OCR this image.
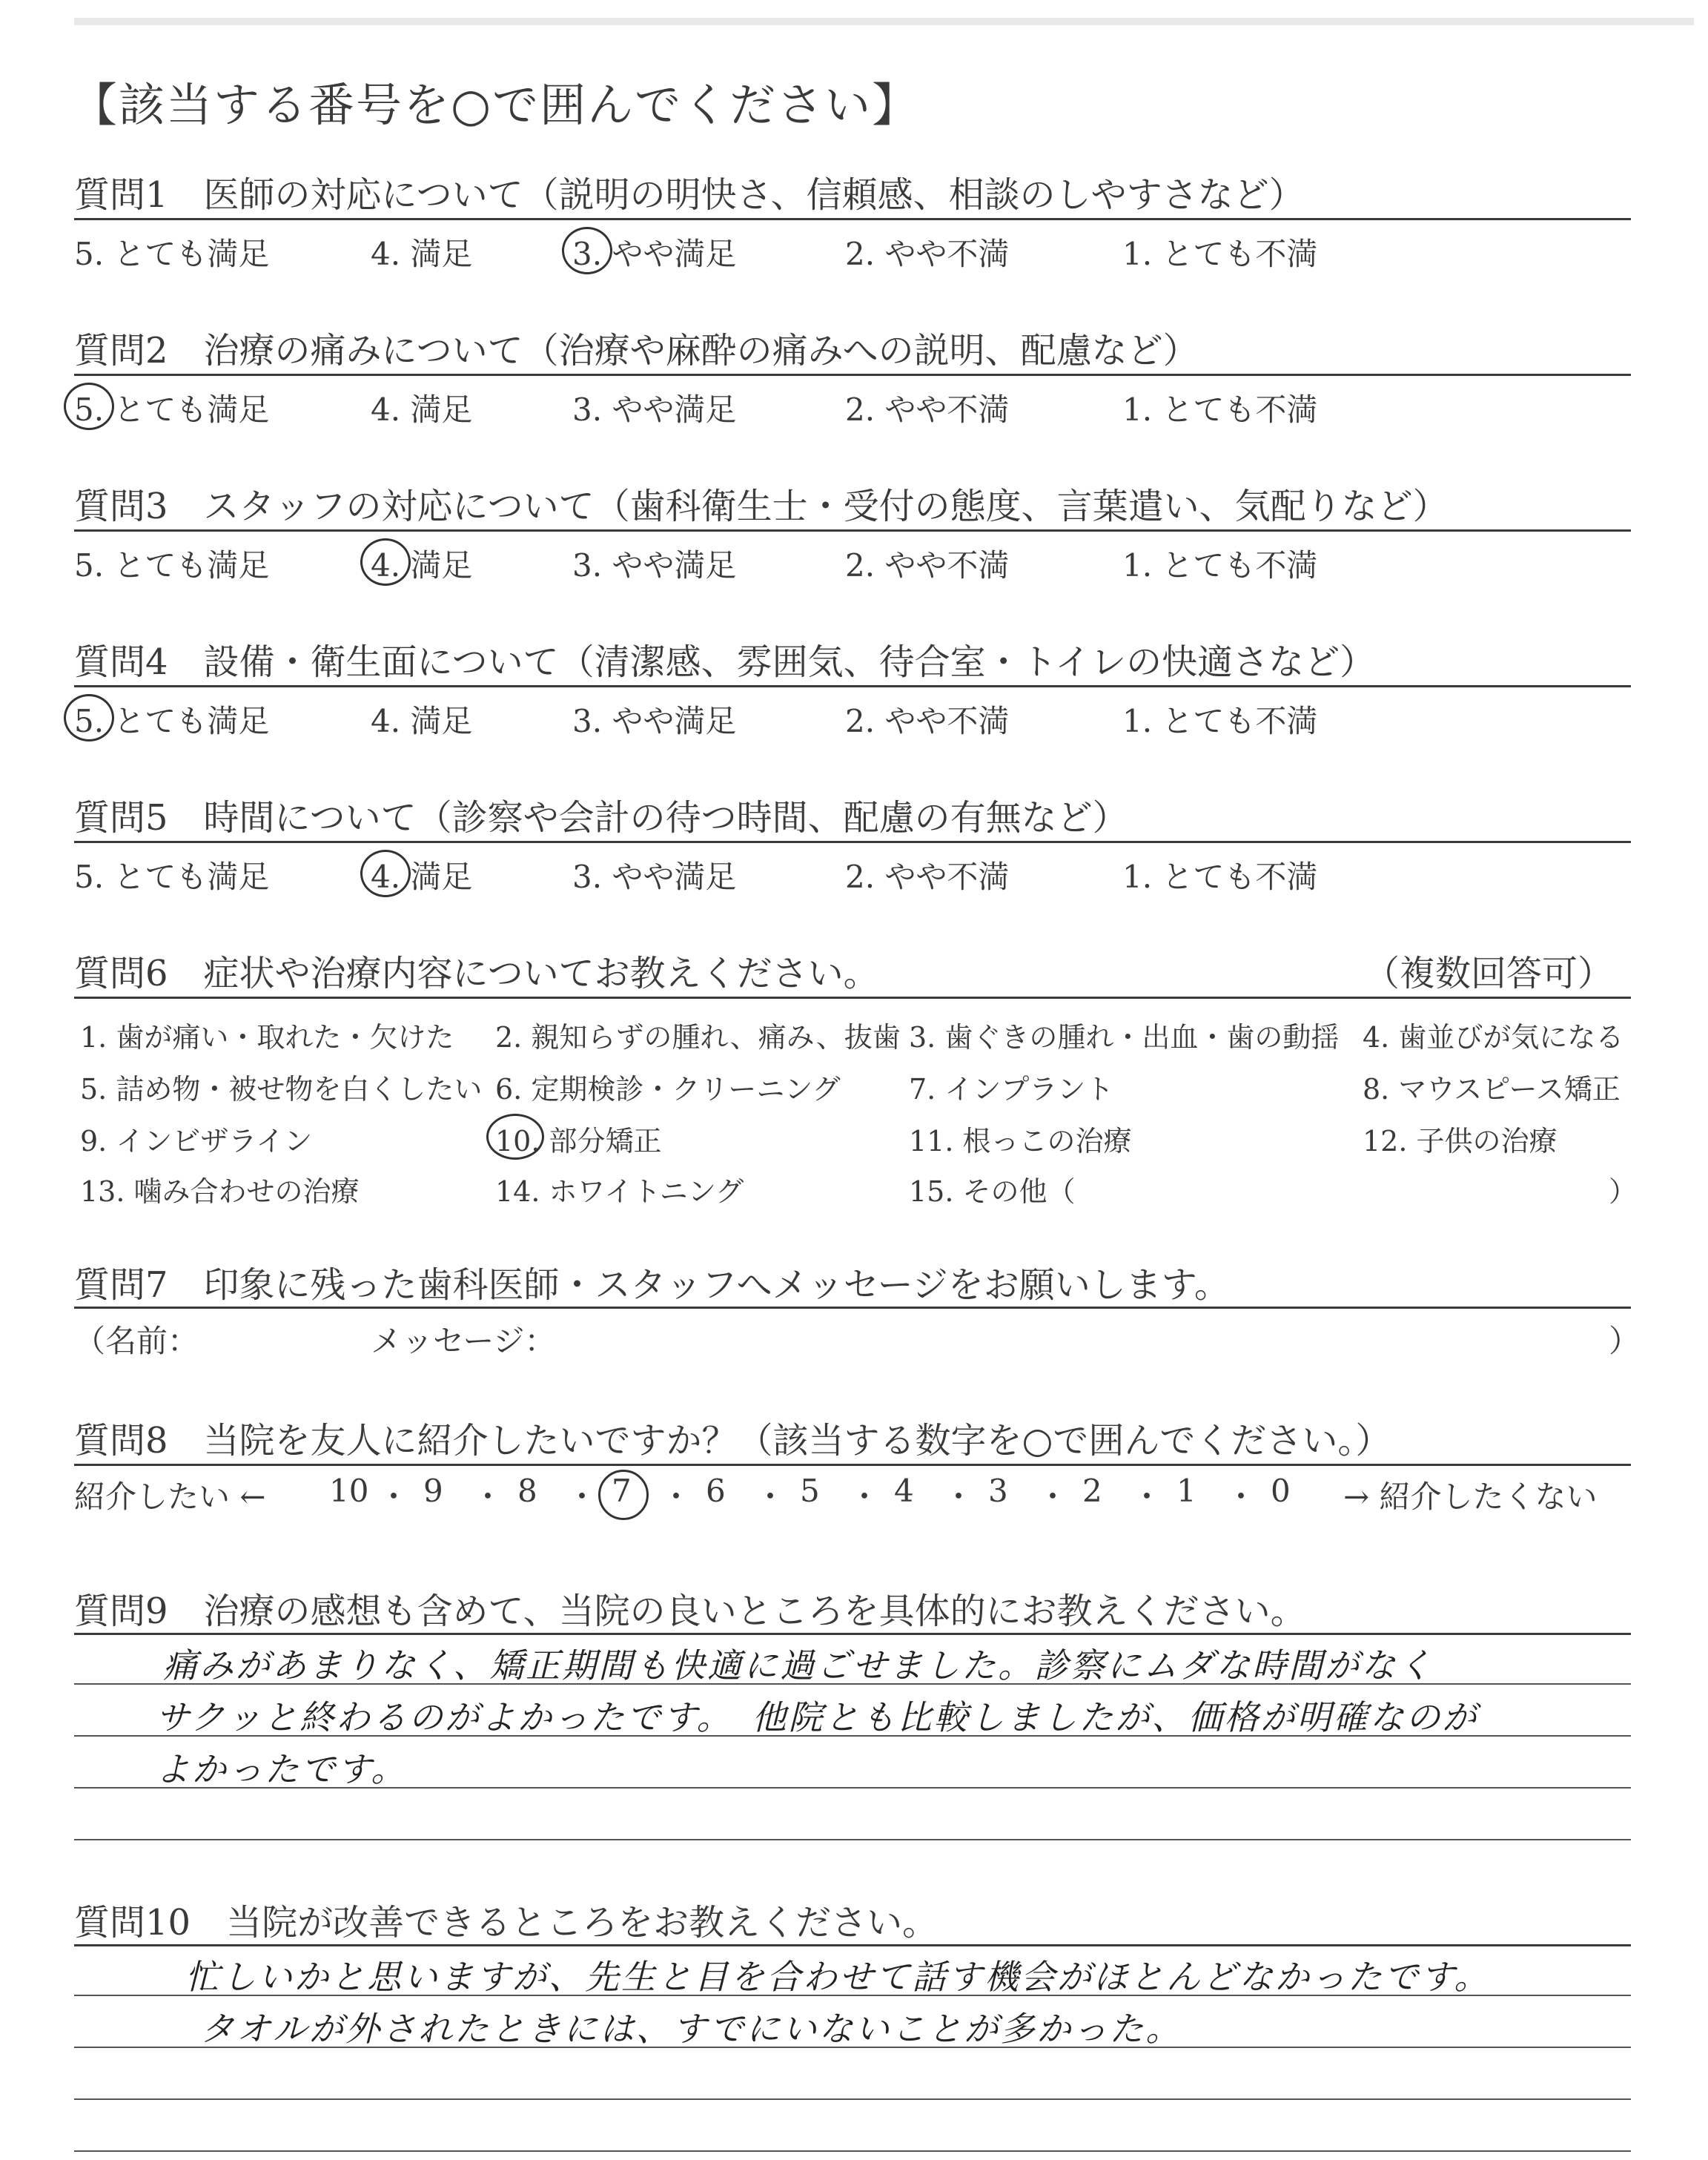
【該当する番号を○で囲んでください】
質問1　医師の対応について（説明の明快さ、信頼感、相談のしやすさなど）
5. とても満足	4. 満足	3. やや満足	2. やや不満	1. とても不満
質問2　治療の痛みについて（治療や麻酔の痛みへの説明、配慮など）
5. とても満足	4. 満足	3. やや満足	2. やや不満	1. とても不満
質問3　スタッフの対応について（歯科衛生士・受付の態度、言葉遣い、気配りなど）
5. とても満足	4. 満足	3. やや満足	2. やや不満	1. とても不満
質問4　設備・衛生面について（清潔感、雰囲気、待合室・トイレの快適さなど）
5. とても満足	4. 満足	3. やや満足	2. やや不満	1. とても不満
質問5　時間について（診察や会計の待つ時間、配慮の有無など）
5. とても満足	4. 満足	3. やや満足	2. やや不満	1. とても不満
質問6　症状や治療内容についてお教えください。	（複数回答可）
1. 歯が痛い・取れた・欠けた 2. 親知らずの腫れ、痛み、抜歯 3. 歯ぐきの腫れ・出血・歯の動揺 4. 歯並びが気になる
5. 詰め物・被せ物を白くしたい 6. 定期検診・クリーニング 7. インプラント	8. マウスピース矯正
9. インビザライン	10. 部分矯正	11. 根っこの治療	12. 子供の治療
13. 噛み合わせの治療	14. ホワイトニング	15. その他（	）
質問7　印象に残った歯科医師・スタッフへメッセージをお願いします。
（名前：	メッセージ：	）
質問8　当院を友人に紹介したいですか？（該当する数字を○で囲んでください。）
紹介したい ← 10 ・ 9 ・ 8 ・ 7 ・ 6 ・ 5 ・ 4 ・ 3 ・ 2 ・ 1 ・ 0 → 紹介したくない
質問9　治療の感想も含めて、当院の良いところを具体的にお教えください。
痛みがあまりなく、矯正期間も快適に過ごせました。診察にムダな時間がなく
サクッと終わるのがよかったです。　他院とも比較しましたが、価格が明確なのが
よかったです。
質問10　当院が改善できるところをお教えください。
忙しいかと思いますが、先生と目を合わせて話す機会がほとんどなかったです。
タオルが外されたときには、すでにいないことが多かった。
